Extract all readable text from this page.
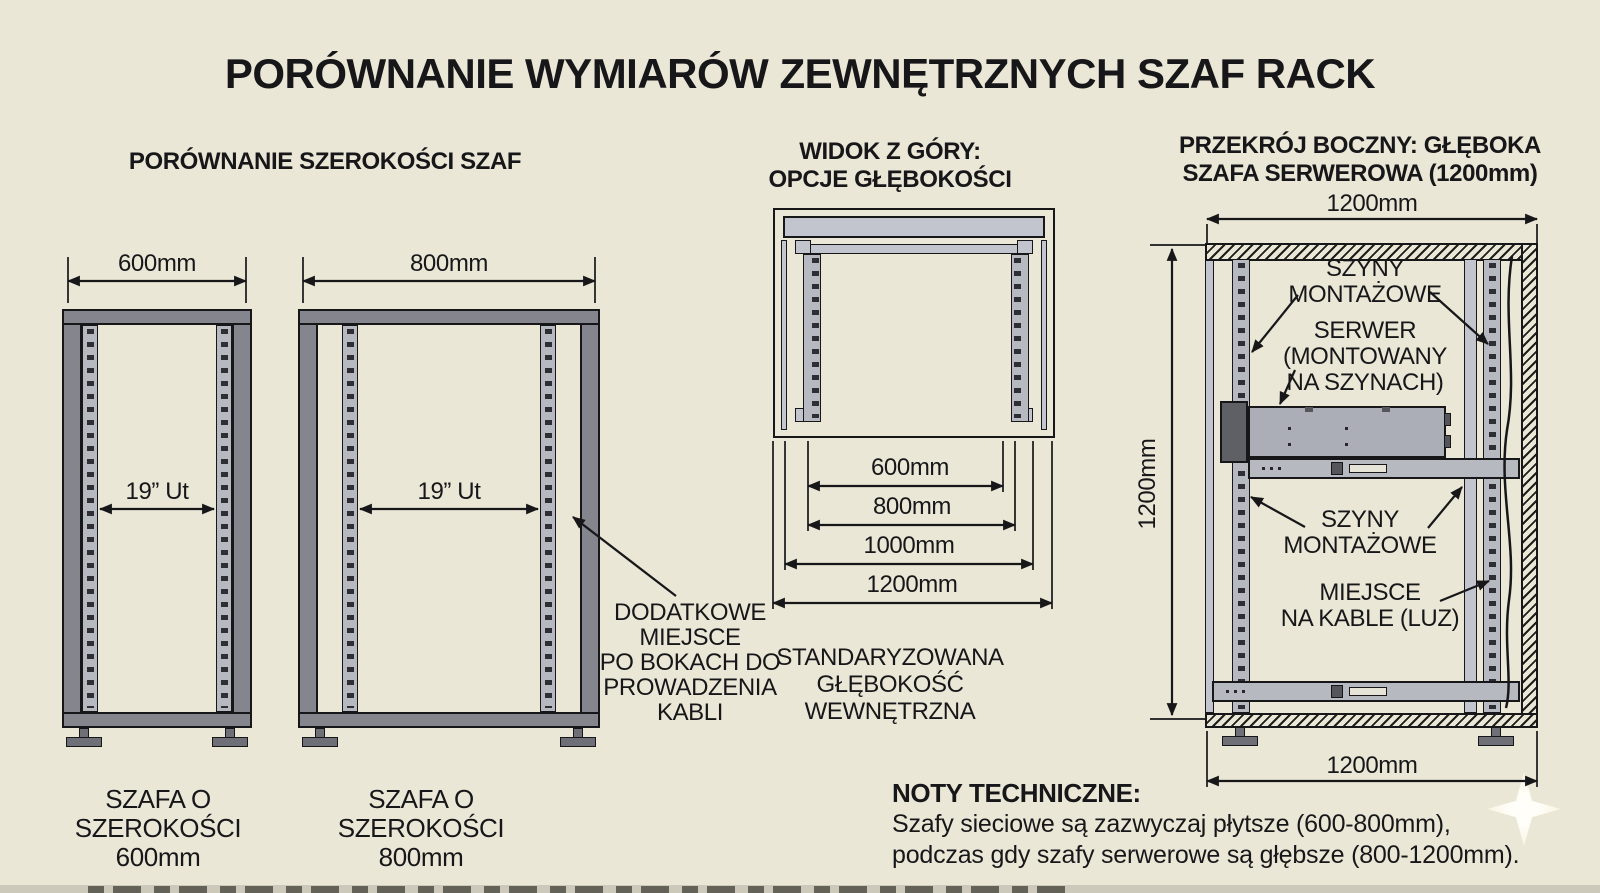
PORÓWNANIE WYMIARÓW ZEWNĘTRZNYCH SZAF RACK
PORÓWNANIE SZEROKOŚCI SZAF
600mm	800mm
19” Ut	19” Ut
SZAFA O SZEROKOŚCI
600mm
SZAFA O SZEROKOŚCI
800mm
DODATKOWE
MIEJSCE
PO BOKACH DO
PROWADZENIA
KABLI
WIDOK Z GÓRY:
OPCJE GŁĘBOKOŚCI
600mm
800mm
1000mm
1200mm
STANDARYZOWANA
GŁĘBOKOŚĆ WEWNĘTRZNA
PRZEKRÓJ BOCZNY: GŁĘBOKA
SZAFA SERWEROWA (1200mm)
1200mm
SZYNY
MONTAŻOWE
SERWER
(MONTOWANY
NA SZYNACH)
SZYNY
MONTAŻOWE
MIEJSCE
NA KABLE (LUZ)
1200mm
1200mm
NOTY TECHNICZNE:
Szafy sieciowe są zazwyczaj płytsze (600-800mm),
podczas gdy szafy serwerowe są głębsze (800-1200mm).
